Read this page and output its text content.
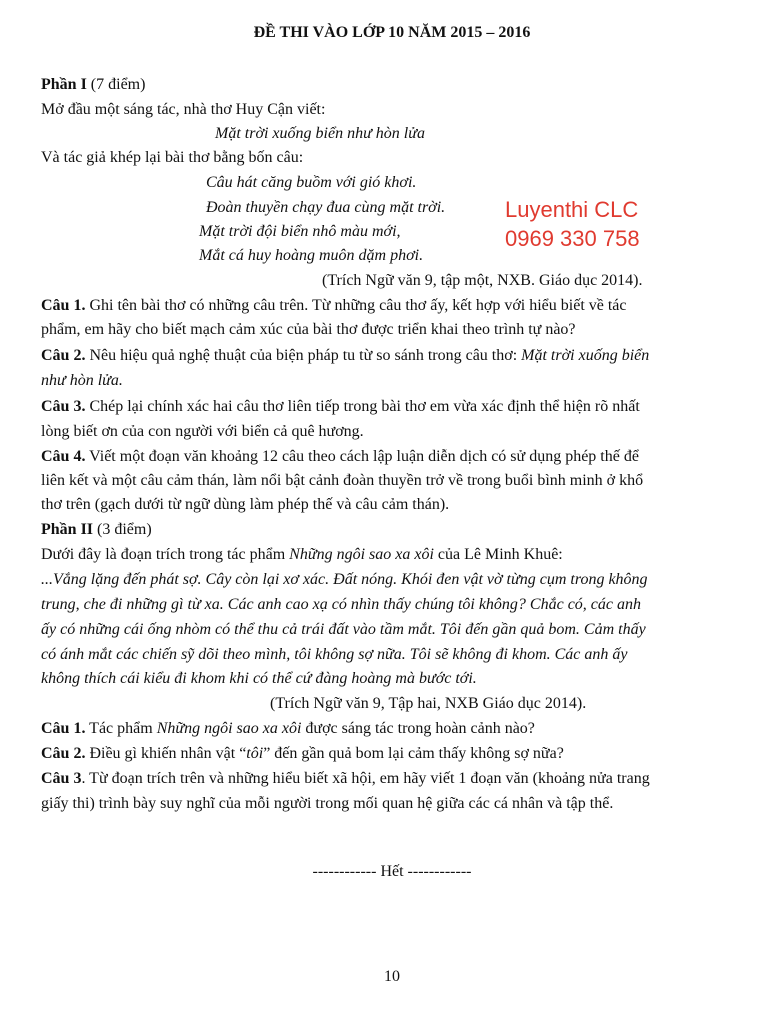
ĐỀ THI VÀO LỚP 10 NĂM 2015 – 2016
Phần I (7 điểm)
Mở đầu một sáng tác, nhà thơ Huy Cận viết:
Mặt trời xuống biển như hòn lửa
Và tác giả khép lại bài thơ bằng bốn câu:
Câu hát căng buồm với gió khơi.
Đoàn thuyền chạy đua cùng mặt trời.
Mặt trời đội biển nhô màu mới,
Mắt cá huy hoàng muôn dặm phơi.
Luyenthi CLC
0969 330 758
(Trích Ngữ văn 9, tập một, NXB. Giáo dục 2014).
Câu 1. Ghi tên bài thơ có những câu trên. Từ những câu thơ ấy, kết hợp với hiểu biết về tác
phẩm, em hãy cho biết mạch cảm xúc của bài thơ được triển khai theo trình tự nào?
Câu 2. Nêu hiệu quả nghệ thuật của biện pháp tu từ so sánh trong câu thơ: Mặt trời xuống biển
như hòn lửa.
Câu 3. Chép lại chính xác hai câu thơ liên tiếp trong bài thơ em vừa xác định thể hiện rõ nhất
lòng biết ơn của con người với biển cả quê hương.
Câu 4. Viết một đoạn văn khoảng 12 câu theo cách lập luận diễn dịch có sử dụng phép thế để
liên kết và một câu cảm thán, làm nổi bật cảnh đoàn thuyền trở về trong buổi bình minh ở khổ
thơ trên (gạch dưới từ ngữ dùng làm phép thế và câu cảm thán).
Phần II (3 điểm)
Dưới đây là đoạn trích trong tác phẩm Những ngôi sao xa xôi của Lê Minh Khuê:
...Vắng lặng đến phát sợ. Cây còn lại xơ xác. Đất nóng. Khói đen vật vờ từng cụm trong không
trung, che đi những gì từ xa. Các anh cao xạ có nhìn thấy chúng tôi không? Chắc có, các anh
ấy có những cái ống nhòm có thể thu cả trái đất vào tầm mắt. Tôi đến gần quả bom. Cảm thấy
có ánh mắt các chiến sỹ dõi theo mình, tôi không sợ nữa. Tôi sẽ không đi khom. Các anh ấy
không thích cái kiểu đi khom khi có thể cứ đàng hoàng mà bước tới.
(Trích Ngữ văn 9, Tập hai, NXB Giáo dục 2014).
Câu 1. Tác phẩm Những ngôi sao xa xôi được sáng tác trong hoàn cảnh nào?
Câu 2. Điều gì khiến nhân vật “tôi” đến gần quả bom lại cảm thấy không sợ nữa?
Câu 3. Từ đoạn trích trên và những hiểu biết xã hội, em hãy viết 1 đoạn văn (khoảng nửa trang
giấy thi) trình bày suy nghĩ của mỗi người trong mối quan hệ giữa các cá nhân và tập thể.
------------ Hết ------------
10
